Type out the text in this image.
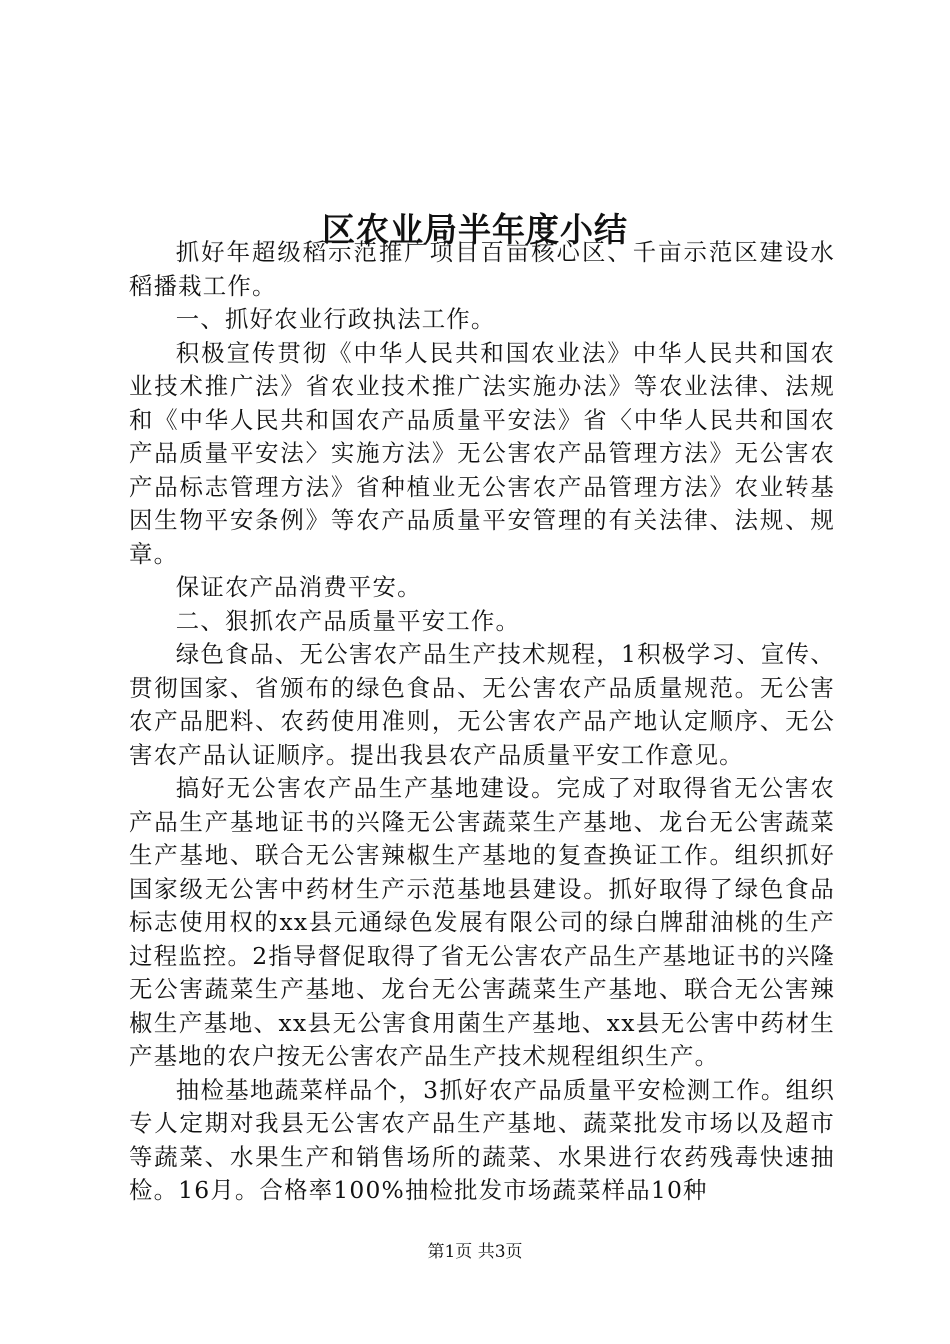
区农业局半年度小结

抓好年超级稻示范推广项目百亩核心区、千亩示范区建设水稻播栽工作。

一、抓好农业行政执法工作。

积极宣传贯彻《中华人民共和国农业法》中华人民共和国农业技术推广法》省农业技术推广法实施办法》等农业法律、法规和《中华人民共和国农产品质量平安法》省〈中华人民共和国农产品质量平安法〉实施方法》无公害农产品管理方法》无公害农产品标志管理方法》省种植业无公害农产品管理方法》农业转基因生物平安条例》等农产品质量平安管理的有关法律、法规、规章。

保证农产品消费平安。

二、狠抓农产品质量平安工作。

绿色食品、无公害农产品生产技术规程，1积极学习、宣传、贯彻国家、省颁布的绿色食品、无公害农产品质量规范。无公害农产品肥料、农药使用准则，无公害农产品产地认定顺序、无公害农产品认证顺序。提出我县农产品质量平安工作意见。

搞好无公害农产品生产基地建设。完成了对取得省无公害农产品生产基地证书的兴隆无公害蔬菜生产基地、龙台无公害蔬菜生产基地、联合无公害辣椒生产基地的复查换证工作。组织抓好国家级无公害中药材生产示范基地县建设。抓好取得了绿色食品标志使用权的xx县元通绿色发展有限公司的绿白牌甜油桃的生产过程监控。2指导督促取得了省无公害农产品生产基地证书的兴隆无公害蔬菜生产基地、龙台无公害蔬菜生产基地、联合无公害辣椒生产基地、xx县无公害食用菌生产基地、xx县无公害中药材生产基地的农户按无公害农产品生产技术规程组织生产。

抽检基地蔬菜样品个，3抓好农产品质量平安检测工作。组织专人定期对我县无公害农产品生产基地、蔬菜批发市场以及超市等蔬菜、水果生产和销售场所的蔬菜、水果进行农药残毒快速抽检。16月。合格率100%抽检批发市场蔬菜样品10种

第1页 共3页
